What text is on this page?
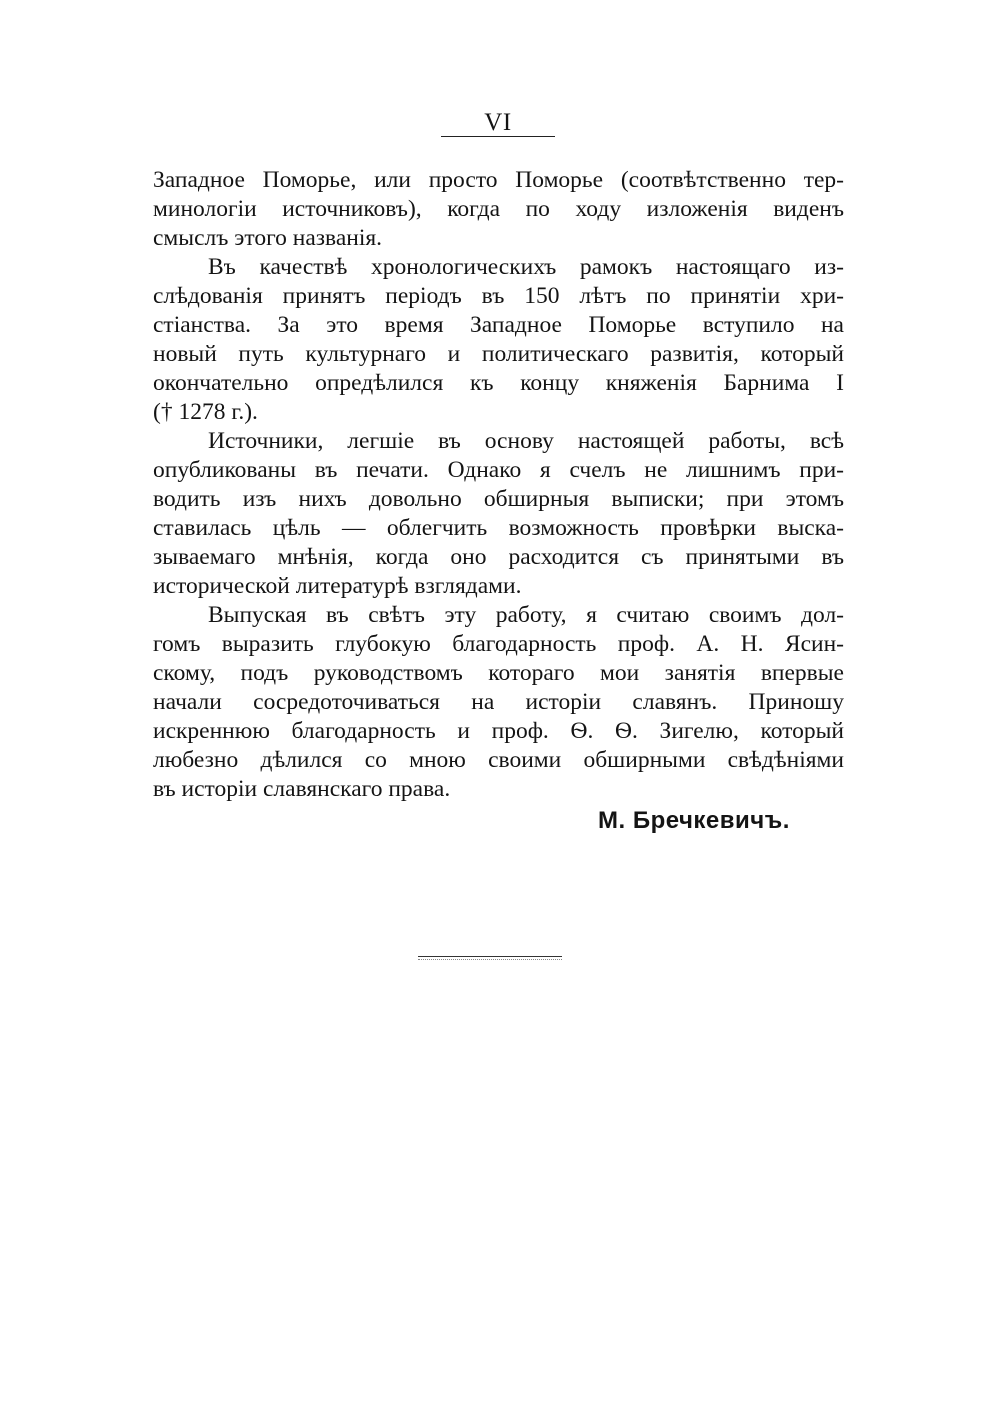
VI
Западное Поморье, или просто Поморье (соотвѣтственно тер-
минологіи источниковъ), когда по ходу изложенія виденъ
смыслъ этого названія.
Въ качествѣ хронологическихъ рамокъ настоящаго из-
слѣдованія принятъ періодъ въ 150 лѣтъ по принятіи хри-
стіанства. За это время Западное Поморье вступило на
новый путь культурнаго и политическаго развитія, который
окончательно опредѣлился къ концу княженія Барнима I
(† 1278 г.).
Источники, легшіе въ основу настоящей работы, всѣ
опубликованы въ печати. Однако я счелъ не лишнимъ при-
водить изъ нихъ довольно обширныя выписки; при этомъ
ставилась цѣль — облегчить возможность провѣрки выска-
зываемаго мнѣнія, когда оно расходится съ принятыми въ
исторической литературѣ взглядами.
Выпуская въ свѣтъ эту работу, я считаю своимъ дол-
гомъ выразить глубокую благодарность проф. А. Н. Ясин-
скому, подъ руководствомъ котораго мои занятія впервые
начали сосредоточиваться на исторіи славянъ. Приношу
искреннюю благодарность и проф. Ѳ. Ѳ. Зигелю, который
любезно дѣлился со мною своими обширными свѣдѣніями
въ исторіи славянскаго права.
М. Бречкевичъ.
